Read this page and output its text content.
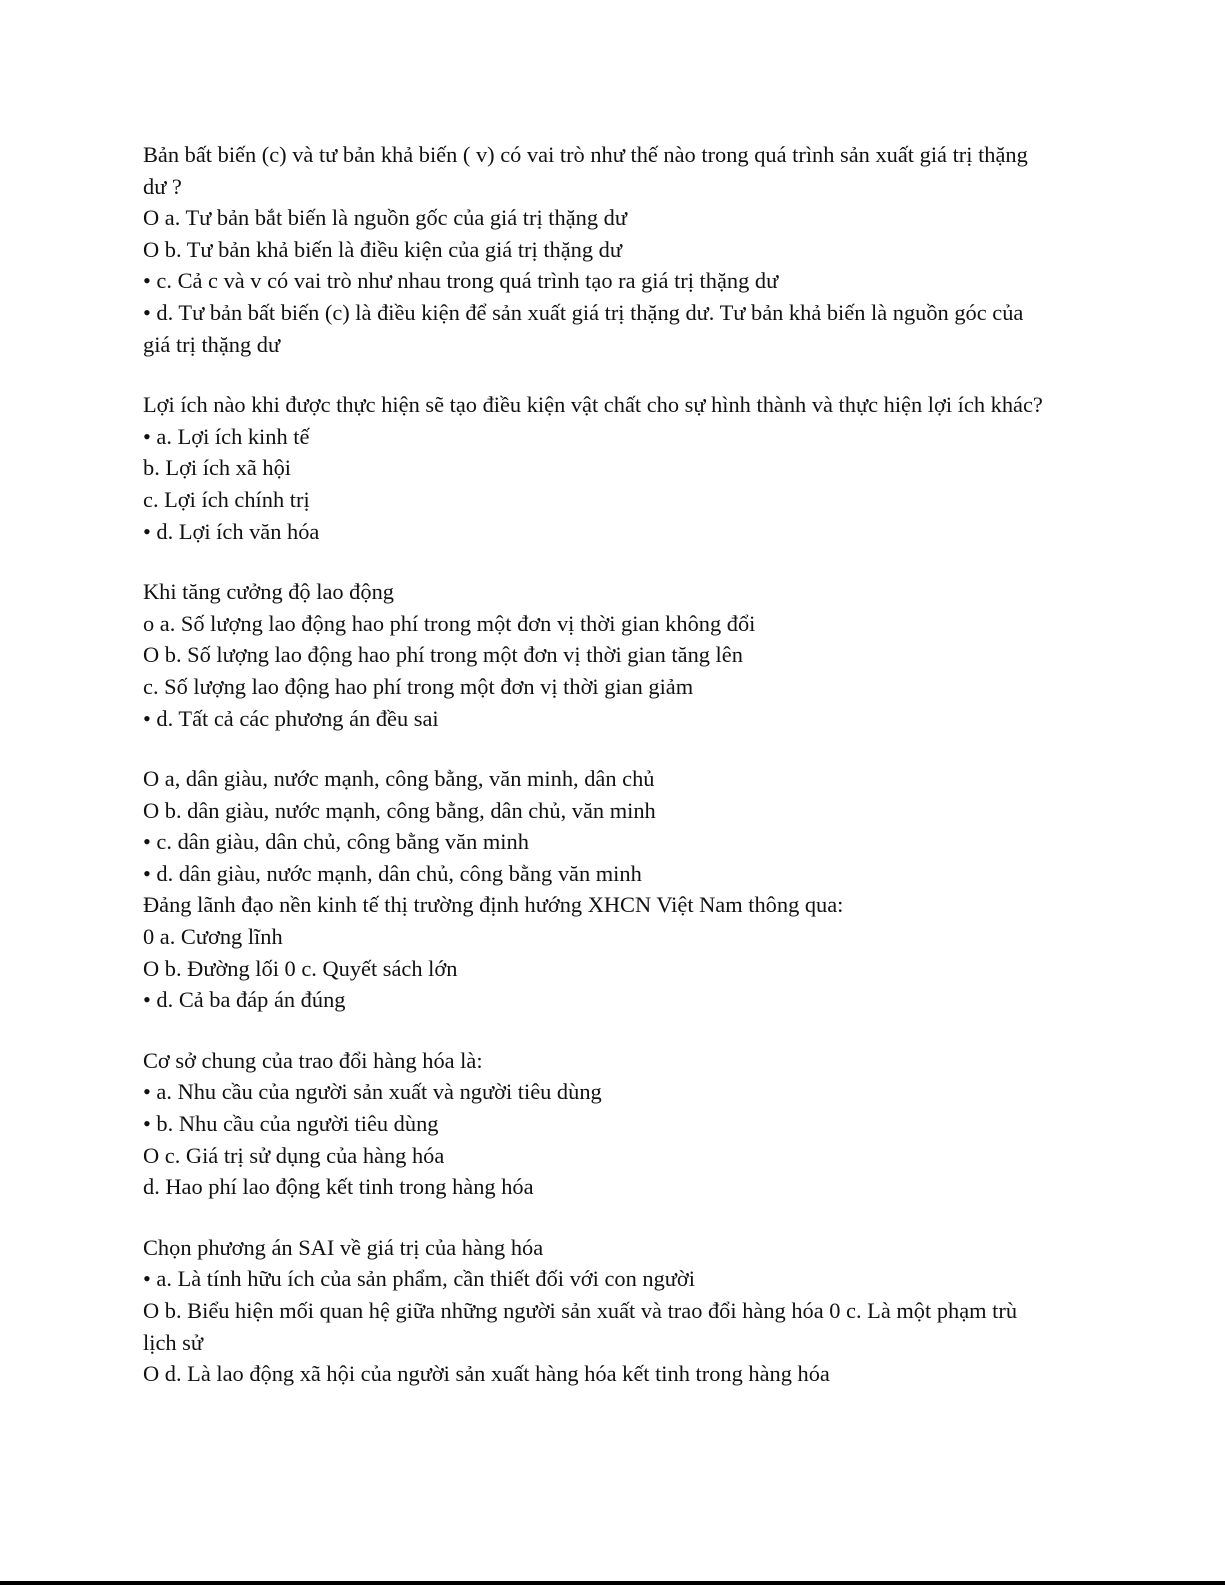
Bản bất biến (c) và tư bản khả biến ( v) có vai trò như thế nào trong quá trình sản xuất giá trị thặng dư ?
O a. Tư bản bắt biến là nguồn gốc của giá trị thặng dư
O b. Tư bản khả biến là điều kiện của giá trị thặng dư
• c. Cả c và v có vai trò như nhau trong quá trình tạo ra giá trị thặng dư
• d. Tư bản bất biến (c) là điều kiện để sản xuất giá trị thặng dư. Tư bản khả biến là nguồn góc của giá trị thặng dư
Lợi ích nào khi được thực hiện sẽ tạo điều kiện vật chất cho sự hình thành và thực hiện lợi ích khác?
• a. Lợi ích kinh tế
b. Lợi ích xã hội
c. Lợi ích chính trị
• d. Lợi ích văn hóa
Khi tăng cưởng độ lao động
o a. Số lượng lao động hao phí trong một đơn vị thời gian không đổi
O b. Số lượng lao động hao phí trong một đơn vị thời gian tăng lên
c. Số lượng lao động hao phí trong một đơn vị thời gian giảm
• d. Tất cả các phương án đều sai
O a, dân giàu, nước mạnh, công bằng, văn minh, dân chủ
O b. dân giàu, nước mạnh, công bằng, dân chủ, văn minh
• c. dân giàu, dân chủ, công bằng văn minh
• d. dân giàu, nước mạnh, dân chủ, công bằng văn minh
Đảng lãnh đạo nền kinh tế thị trường định hướng XHCN Việt Nam thông qua:
0 a. Cương lĩnh
O b. Đường lối 0 c. Quyết sách lớn
• d. Cả ba đáp án đúng
Cơ sở chung của trao đổi hàng hóa là:
• a. Nhu cầu của người sản xuất và người tiêu dùng
• b. Nhu cầu của người tiêu dùng
O c. Giá trị sử dụng của hàng hóa
d. Hao phí lao động kết tinh trong hàng hóa
Chọn phương án SAI về giá trị của hàng hóa
• a. Là tính hữu ích của sản phẩm, cần thiết đối với con người
O b. Biểu hiện mối quan hệ giữa những người sản xuất và trao đổi hàng hóa 0 c. Là một phạm trù lịch sử
O d. Là lao động xã hội của người sản xuất hàng hóa kết tinh trong hàng hóa
